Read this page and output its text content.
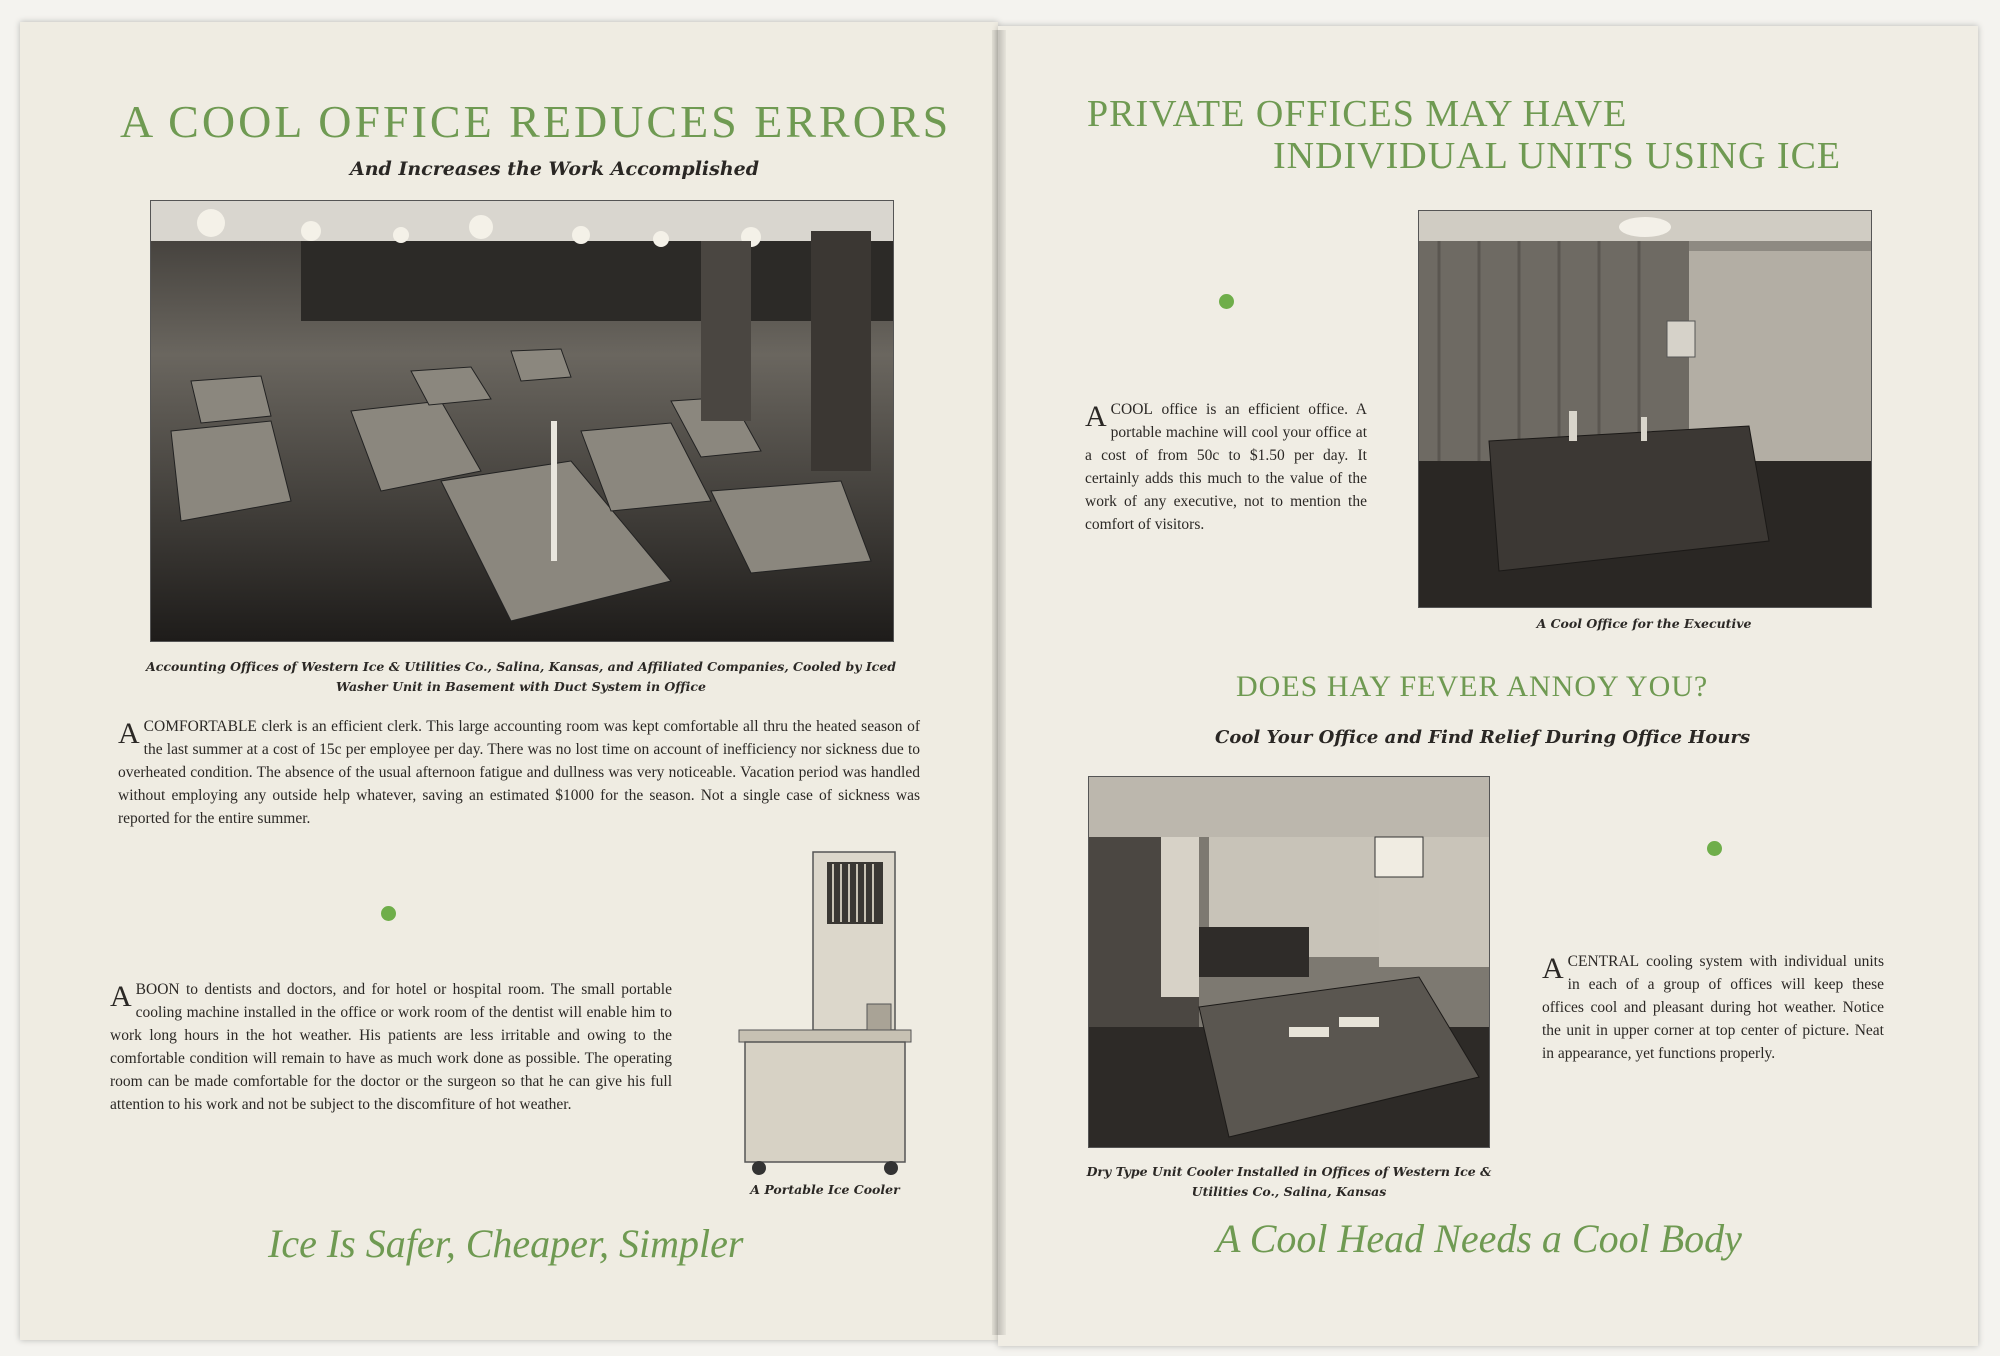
A COOL OFFICE REDUCES ERRORS
And Increases the Work Accomplished
Accounting Offices of Western Ice & Utilities Co., Salina, Kansas, and Affiliated Companies, Cooled by Iced Washer Unit in Basement with Duct System in Office
ACOMFORTABLE clerk is an efficient clerk. This large accounting room was kept comfortable all thru the heated season of the last summer at a cost of 15c per employee per day. There was no lost time on account of inefficiency nor sickness due to overheated condition. The absence of the usual afternoon fatigue and dullness was very noticeable. Vacation period was handled without employing any outside help whatever, saving an estimated $1000 for the season. Not a single case of sickness was reported for the entire summer.
ABOON to dentists and doctors, and for hotel or hospital room. The small portable cooling machine installed in the office or work room of the dentist will enable him to work long hours in the hot weather. His patients are less irritable and owing to the comfortable condition will remain to have as much work done as possible. The operating room can be made comfortable for the doctor or the surgeon so that he can give his full attention to his work and not be subject to the discomfiture of hot weather.
A Portable Ice Cooler
Ice Is Safer, Cheaper, Simpler
PRIVATE OFFICES MAY HAVE
INDIVIDUAL UNITS USING ICE
ACOOL office is an efficient office. A portable machine will cool your office at a cost of from 50c to $1.50 per day. It certainly adds this much to the value of the work of any executive, not to mention the comfort of visitors.
A Cool Office for the Executive
DOES HAY FEVER ANNOY YOU?
Cool Your Office and Find Relief During Office Hours
Dry Type Unit Cooler Installed in Offices of Western Ice & Utilities Co., Salina, Kansas
ACENTRAL cooling system with individual units in each of a group of offices will keep these offices cool and pleasant during hot weather. Notice the unit in upper corner at top center of picture. Neat in appearance, yet functions properly.
A Cool Head Needs a Cool Body
